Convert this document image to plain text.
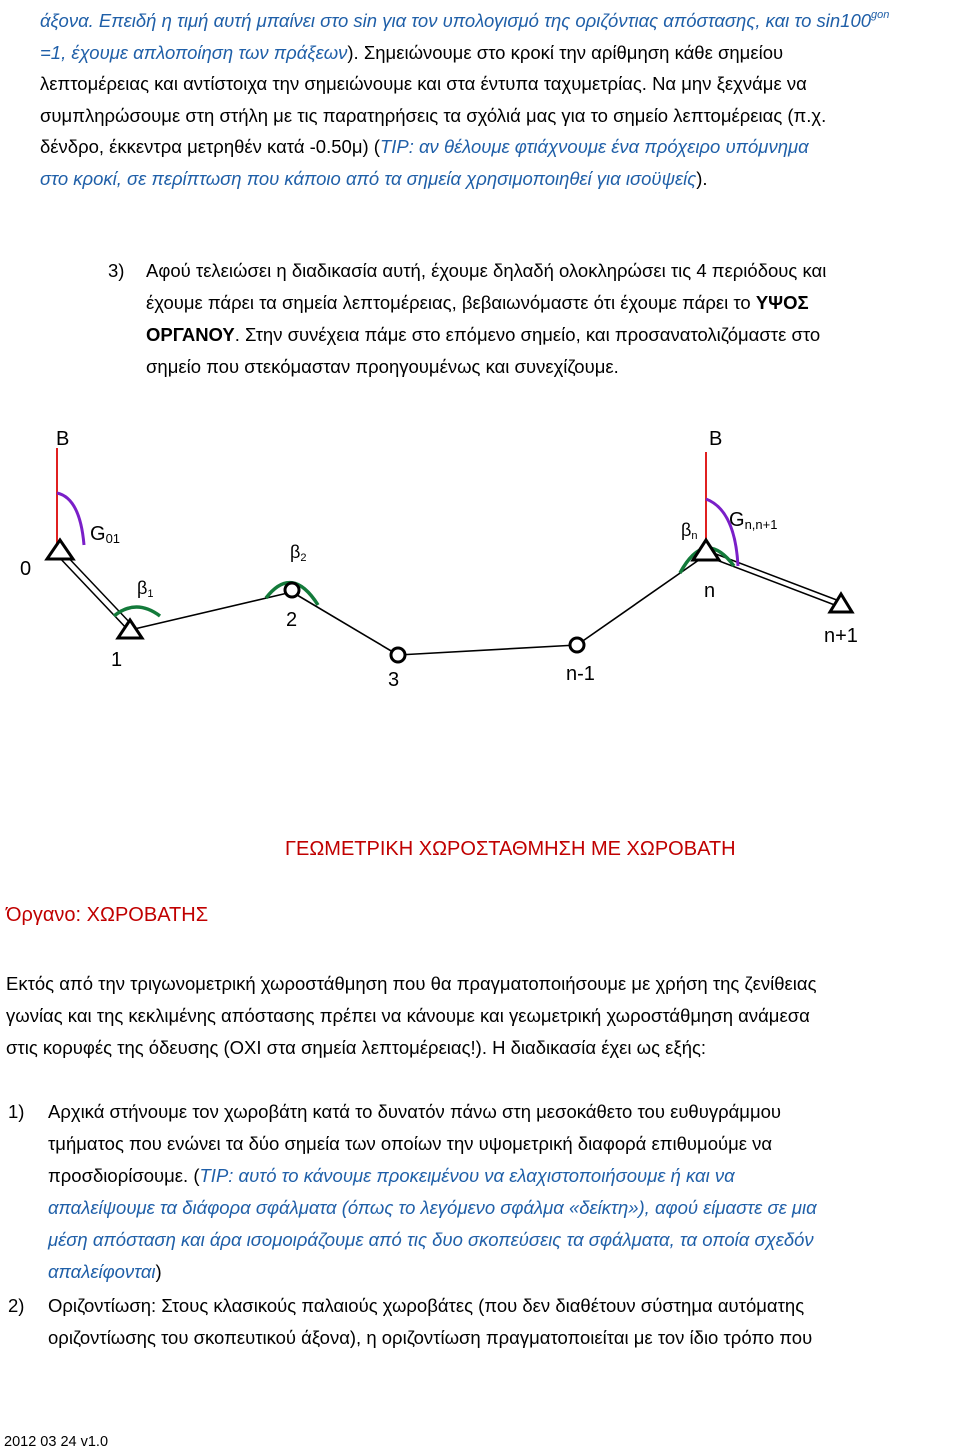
άξονα. Επειδή η τιμή αυτή μπαίνει στο sin για τον υπολογισμό της οριζόντιας απόστασης, και το $\sin 100^{gon}$
=1, έχουμε απλοποίηση των πράξεων). Σημειώνουμε στο κροκί την αρίθμηση κάθε σημείου
λεπτομέρειας και αντίστοιχα την σημειώνουμε και στα έντυπα ταχυμετρίας. Να μην ξεχνάμε να
συμπληρώσουμε στη στήλη με τις παρατηρήσεις τα σχόλιά μας για το σημείο λεπτομέρειας (π.χ.
δένδρο, έκκεντρα μετρηθέν κατά -0.50μ) (TIP: αν θέλουμε φτιάχνουμε ένα πρόχειρο υπόμνημα
στο κροκί, σε περίπτωση που κάποιο από τα σημεία χρησιμοποιηθεί για ισοϋψείς).
3) Αφού τελειώσει η διαδικασία αυτή, έχουμε δηλαδή ολοκληρώσει τις 4 περιόδους και
έχουμε πάρει τα σημεία λεπτομέρειας, βεβαιωνόμαστε ότι έχουμε πάρει το ΥΨΟΣ
ΟΡΓΑΝΟΥ. Στην συνέχεια πάμε στο επόμενο σημείο, και προσανατολιζόμαστε στο
σημείο που στεκόμασταν προηγουμένως και συνεχίζουμε.
B	B
G01
Gn,n+1
β1
β2
βn
0
1
2
3	n-1
n
n+1
ΓΕΩΜΕΤΡΙΚΗ ΧΩΡΟΣΤΑΘΜΗΣΗ ΜΕ ΧΩΡΟΒΑΤΗ
Όργανο: ΧΩΡΟΒΑΤΗΣ
Εκτός από την τριγωνομετρική χωροστάθμηση που θα πραγματοποιήσουμε με χρήση της ζενίθειας
γωνίας και της κεκλιμένης απόστασης πρέπει να κάνουμε και γεωμετρική χωροστάθμηση ανάμεσα
στις κορυφές της όδευσης (ΟΧΙ στα σημεία λεπτομέρειας!). Η διαδικασία έχει ως εξής:
1) Αρχικά στήνουμε τον χωροβάτη κατά το δυνατόν πάνω στη μεσοκάθετο του ευθυγράμμου
τμήματος που ενώνει τα δύο σημεία των οποίων την υψομετρική διαφορά επιθυμούμε να
προσδιορίσουμε. (TIP: αυτό το κάνουμε προκειμένου να ελαχιστοποιήσουμε ή και να
απαλείψουμε τα διάφορα σφάλματα (όπως το λεγόμενο σφάλμα «δείκτη»), αφού είμαστε σε μια
μέση απόσταση και άρα ισομοιράζουμε από τις δυο σκοπεύσεις τα σφάλματα, τα οποία σχεδόν
απαλείφονται)
2) Οριζοντίωση: Στους κλασικούς παλαιούς χωροβάτες (που δεν διαθέτουν σύστημα αυτόματης
οριζοντίωσης του σκοπευτικού άξονα), η οριζοντίωση πραγματοποιείται με τον ίδιο τρόπο που
2012 03 24 v1.0
